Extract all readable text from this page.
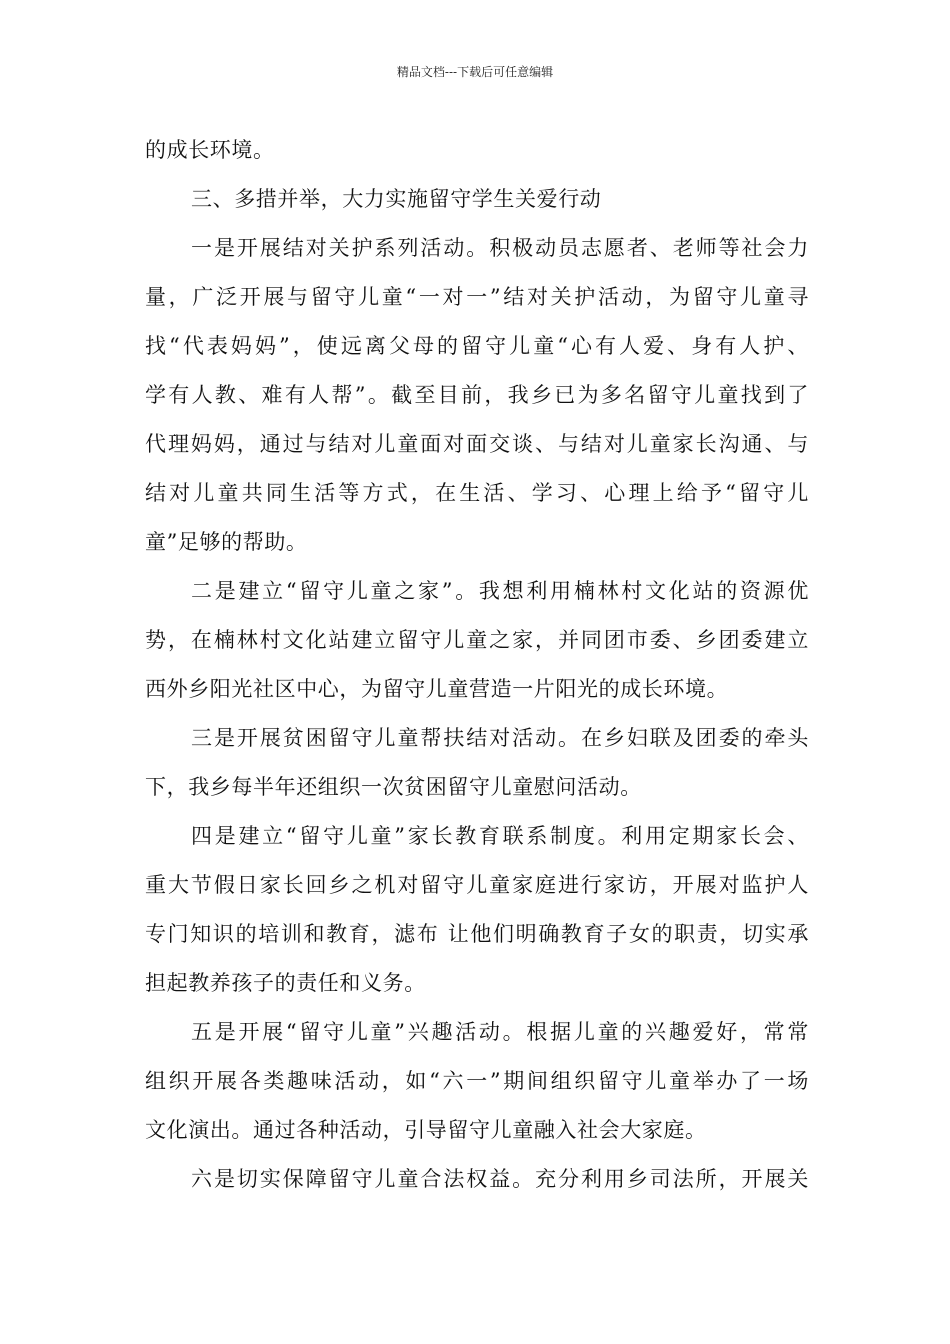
精品文档---下载后可任意编辑
的成长环境。
三、多措并举，大力实施留守学生关爱行动
一是开展结对关护系列活动。积极动员志愿者、老师等社会力
量，广泛开展与留守儿童“一对一”结对关护活动，为留守儿童寻
找“代表妈妈”，使远离父母的留守儿童“心有人爱、身有人护、
学有人教、难有人帮”。截至目前，我乡已为多名留守儿童找到了
代理妈妈，通过与结对儿童面对面交谈、与结对儿童家长沟通、与
结对儿童共同生活等方式，在生活、学习、心理上给予“留守儿
童”足够的帮助。
二是建立“留守儿童之家”。我想利用楠林村文化站的资源优
势，在楠林村文化站建立留守儿童之家，并同团市委、乡团委建立
西外乡阳光社区中心，为留守儿童营造一片阳光的成长环境。
三是开展贫困留守儿童帮扶结对活动。在乡妇联及团委的牵头
下，我乡每半年还组织一次贫困留守儿童慰问活动。
四是建立“留守儿童”家长教育联系制度。利用定期家长会、
重大节假日家长回乡之机对留守儿童家庭进行家访，开展对监护人
专门知识的培训和教育，滤布 让他们明确教育子女的职责，切实承
担起教养孩子的责任和义务。
五是开展“留守儿童”兴趣活动。根据儿童的兴趣爱好，常常
组织开展各类趣味活动，如“六一”期间组织留守儿童举办了一场
文化演出。通过各种活动，引导留守儿童融入社会大家庭。
六是切实保障留守儿童合法权益。充分利用乡司法所，开展关
